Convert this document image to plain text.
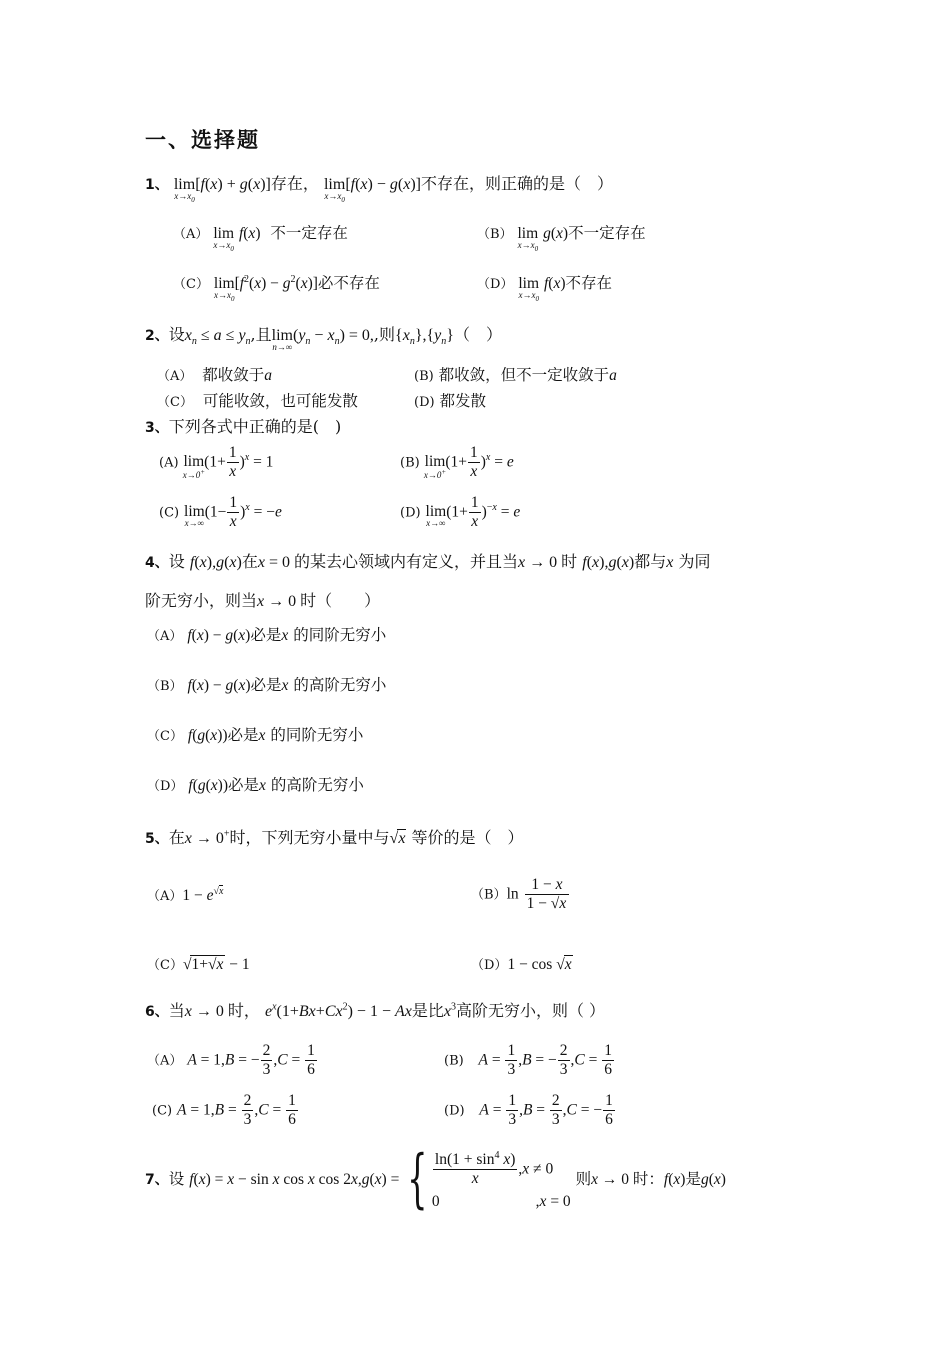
一、选择题
1、 lim
$x\to x_0$
[f(x) + g(x)]存在， lim
$x\to x_0$
[f(x) − g(x)]不存在，则正确的是（　）
（A） lim
$x\to x_0$
f(x) 不一定存在	（B） lim
$x\to x_0$
g(x)不一定存在
（C） lim
$x\to x_0$
$[f^2(x) - g^2(x)]$必不存在	（D） lim
$x\to x_0$
f(x)不存在
2、设$x_n \le a \le y_n$,且lim
n→∞
$(y_n - x_n) = 0$,,则$\{x_n\},\{y_n\}$（　）
（A） 都收敛于a	(B) 都收敛，但不一定收敛于a
（C） 可能收敛，也可能发散	(D) 都发散
3、下列各式中正确的是(　)
(A) lim
x→0+
$(1+ \frac{1}{x} )^x = 1$	(B) lim
x→0+
$(1+ \frac{1}{x} )^x = e$
(C) lim
x→∞
$(1- \frac{1}{x} )^x = -e$	(D) lim
x→∞
$(1+ \frac{1}{x} )^{-x} = e$
4、设 f(x),g(x)在x = 0 的某去心领域内有定义，并且当x → 0 时 f(x),g(x)都与x 为同
阶无穷小，则当x → 0 时（　　）
（A） f(x) − g(x)必是x 的同阶无穷小
（B） f(x) − g(x)必是x 的高阶无穷小
（C） f(g(x))必是x 的同阶无穷小
（D） f(g(x))必是x 的高阶无穷小
5、在x → 0+时，下列无穷小量中与√x 等价的是（　）
$(A)1 - e^{√x}$	$(B)\ln \frac{1 - x}{1 - √x}$
（C）√1+√x − 1	（D）1 − cos √x
6、当x → 0 时， $e^x(1+Bx+Cx^2) - 1 - Ax$是比$x^3$高阶无穷小，则（ ）
（A） A = 1,B = − $\frac{2}{3} ,C = \frac{1}{6}$	(B) $A = \frac{1}{3} ,B$ = − $\frac{2}{3} ,C = \frac{1}{6}$
(C) $A = 1,B = \frac{2}{3} ,C = \frac{1}{6}$	(D) $A = \frac{1}{3} ,B = \frac{2}{3} ,C$ = − $\frac{1}{6}$
7、设 f(x) = x − sin x cos x cos 2x,g(x) = { $\frac{\ln(1 + \sin^4 x)}{x} ,x \ne 0$
0	,x = 0
则x → 0 时：f(x)是g(x)
